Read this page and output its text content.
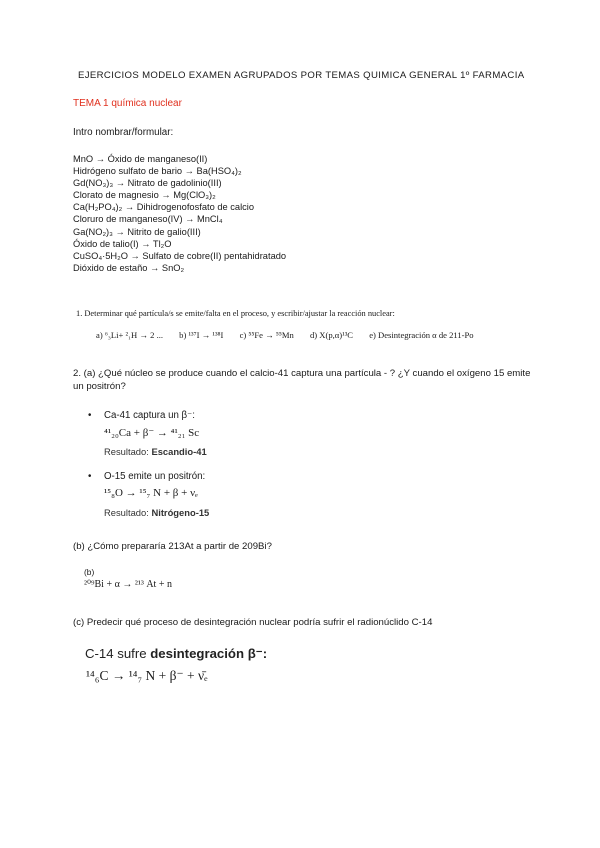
EJERCICIOS MODELO EXAMEN AGRUPADOS POR TEMAS QUIMICA GENERAL 1º FARMACIA
TEMA 1 química nuclear
Intro nombrar/formular:
MnO → Óxido de manganeso(II)
Hidrógeno sulfato de bario → Ba(HSO₄)₂
Gd(NO₃)₃ → Nitrato de gadolinio(III)
Clorato de magnesio → Mg(ClO₃)₂
Ca(H₂PO₄)₂ → Dihidrogenofosfato de calcio
Cloruro de manganeso(IV) → MnCl₄
Ga(NO₂)₃ → Nitrito de galio(III)
Óxido de talio(I) → Tl₂O
CuSO₄·5H₂O → Sulfato de cobre(II) pentahidratado
Dióxido de estaño → SnO₂
1. Determinar qué partícula/s se emite/falta en el proceso, y escribir/ajustar la reacción nuclear:
a) ⁶₃Li+ ²₁H → 2 ... b) ¹³⁷I → ¹³⁸I c) ⁵⁵Fe → ⁵⁵Mn d) X(p,α)¹³C e) Desintegración α de 211-Po
2. (a) ¿Qué núcleo se produce cuando el calcio-41 captura una partícula - ? ¿Y cuando el oxígeno 15 emite un positrón?
• Ca-41 captura un β⁻:
⁴¹₂₀Ca + β⁻ → ⁴¹₂₁ Sc
Resultado: Escandio-41
• O-15 emite un positrón:
¹⁵₈O → ¹⁵₇ N + β + νₑ
Resultado: Nitrógeno-15
(b) ¿Cómo prepararía 213At a partir de 209Bi?
(b)
²⁰⁹Bi + α → ²¹³ At + n
(c) Predecir qué proceso de desintegración nuclear podría sufrir el radionúclido C-14
C-14 sufre desintegración β⁻:
¹⁴₆C → ¹⁴₇ N + β⁻ + ν̄ₑ
